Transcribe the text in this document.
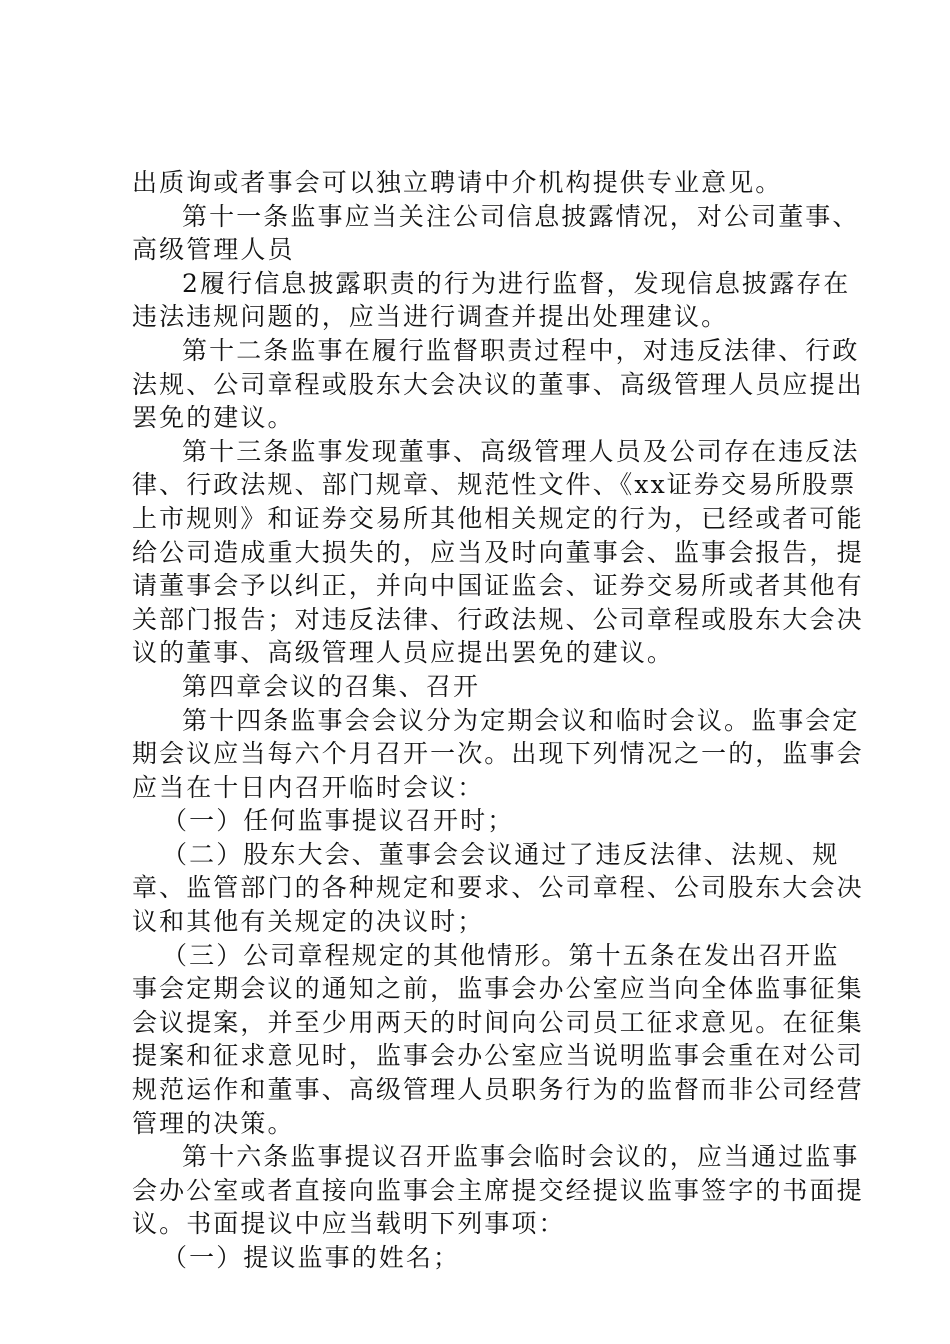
出质询或者事会可以独立聘请中介机构提供专业意见。
第十一条监事应当关注公司信息披露情况，对公司董事、
高级管理人员
2履行信息披露职责的行为进行监督，发现信息披露存在
违法违规问题的，应当进行调查并提出处理建议。
第十二条监事在履行监督职责过程中，对违反法律、行政
法规、公司章程或股东大会决议的董事、高级管理人员应提出
罢免的建议。
第十三条监事发现董事、高级管理人员及公司存在违反法
律、行政法规、部门规章、规范性文件、《xx证券交易所股票
上市规则》和证券交易所其他相关规定的行为，已经或者可能
给公司造成重大损失的，应当及时向董事会、监事会报告，提
请董事会予以纠正，并向中国证监会、证券交易所或者其他有
关部门报告；对违反法律、行政法规、公司章程或股东大会决
议的董事、高级管理人员应提出罢免的建议。
第四章会议的召集、召开
第十四条监事会会议分为定期会议和临时会议。监事会定
期会议应当每六个月召开一次。出现下列情况之一的，监事会
应当在十日内召开临时会议：
（一）任何监事提议召开时；
（二）股东大会、董事会会议通过了违反法律、法规、规
章、监管部门的各种规定和要求、公司章程、公司股东大会决
议和其他有关规定的决议时；
（三）公司章程规定的其他情形。第十五条在发出召开监
事会定期会议的通知之前，监事会办公室应当向全体监事征集
会议提案，并至少用两天的时间向公司员工征求意见。在征集
提案和征求意见时，监事会办公室应当说明监事会重在对公司
规范运作和董事、高级管理人员职务行为的监督而非公司经营
管理的决策。
第十六条监事提议召开监事会临时会议的，应当通过监事
会办公室或者直接向监事会主席提交经提议监事签字的书面提
议。书面提议中应当载明下列事项：
（一）提议监事的姓名；
